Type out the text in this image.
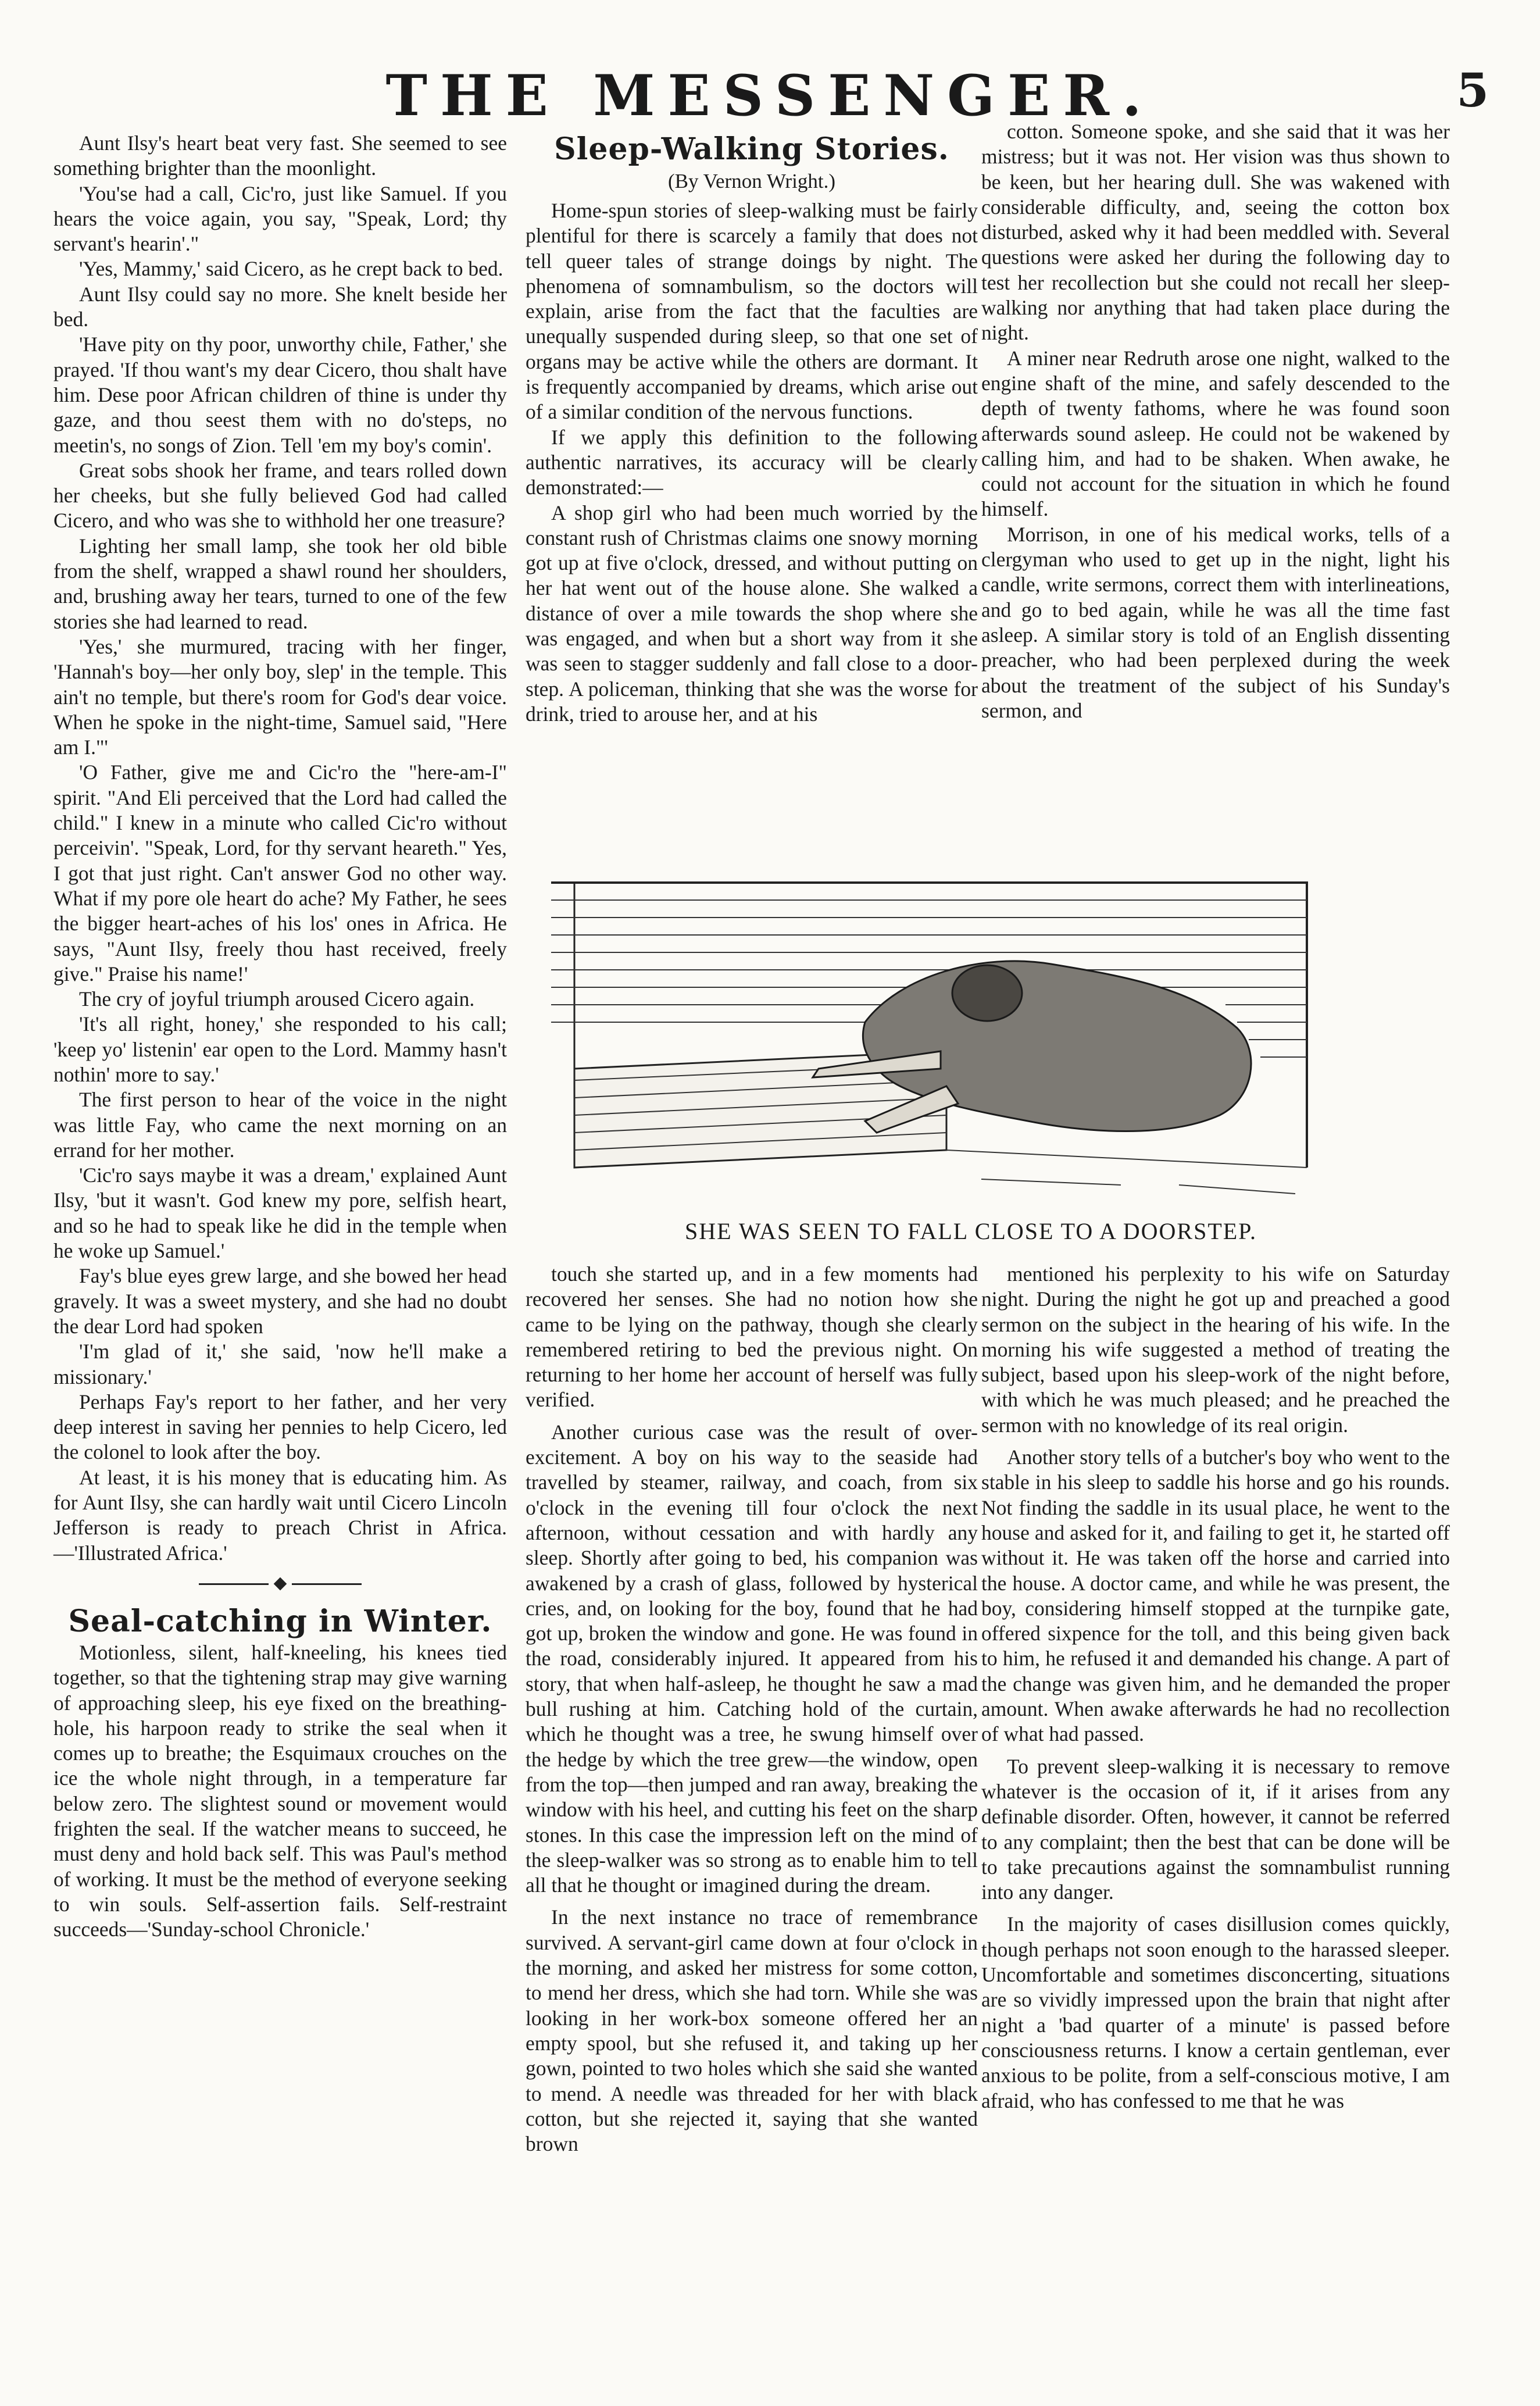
THE MESSENGER.	5

Aunt Ilsy's heart beat very fast. She seemed to see something brighter than the moonlight.

'You'se had a call, Cic'ro, just like Samuel. If you hears the voice again, you say, "Speak, Lord; thy servant's hearin'."

'Yes, Mammy,' said Cicero, as he crept back to bed.

Aunt Ilsy could say no more. She knelt beside her bed.

'Have pity on thy poor, unworthy chile, Father,' she prayed. 'If thou want's my dear Cicero, thou shalt have him. Dese poor African children of thine is under thy gaze, and thou seest them with no do'steps, no meetin's, no songs of Zion. Tell 'em my boy's comin'.

Great sobs shook her frame, and tears rolled down her cheeks, but she fully believed God had called Cicero, and who was she to withhold her one treasure?

Lighting her small lamp, she took her old bible from the shelf, wrapped a shawl round her shoulders, and, brushing away her tears, turned to one of the few stories she had learned to read.

'Yes,' she murmured, tracing with her finger, 'Hannah's boy—her only boy, slep' in the temple. This ain't no temple, but there's room for God's dear voice. When he spoke in the night-time, Samuel said, "Here am I."'

'O Father, give me and Cic'ro the "here-am-I" spirit. "And Eli perceived that the Lord had called the child." I knew in a minute who called Cic'ro without perceivin'. "Speak, Lord, for thy servant heareth." Yes, I got that just right. Can't answer God no other way. What if my pore ole heart do ache? My Father, he sees the bigger heart-aches of his los' ones in Africa. He says, "Aunt Ilsy, freely thou hast received, freely give." Praise his name!'

The cry of joyful triumph aroused Cicero again.

'It's all right, honey,' she responded to his call; 'keep yo' listenin' ear open to the Lord. Mammy hasn't nothin' more to say.'

The first person to hear of the voice in the night was little Fay, who came the next morning on an errand for her mother.

'Cic'ro says maybe it was a dream,' explained Aunt Ilsy, 'but it wasn't. God knew my pore, selfish heart, and so he had to speak like he did in the temple when he woke up Samuel.'

Fay's blue eyes grew large, and she bowed her head gravely. It was a sweet mystery, and she had no doubt the dear Lord had spoken

'I'm glad of it,' she said, 'now he'll make a missionary.'

Perhaps Fay's report to her father, and her very deep interest in saving her pennies to help Cicero, led the colonel to look after the boy.

At least, it is his money that is educating him. As for Aunt Ilsy, she can hardly wait until Cicero Lincoln Jefferson is ready to preach Christ in Africa.—'Illustrated Africa.'

Seal-catching in Winter.

Motionless, silent, half-kneeling, his knees tied together, so that the tightening strap may give warning of approaching sleep, his eye fixed on the breathing-hole, his harpoon ready to strike the seal when it comes up to breathe; the Esquimaux crouches on the ice the whole night through, in a temperature far below zero. The slightest sound or movement would frighten the seal. If the watcher means to succeed, he must deny and hold back self. This was Paul's method of working. It must be the method of everyone seeking to win souls. Self-assertion fails. Self-restraint succeeds—'Sunday-school Chronicle.'

Sleep-Walking Stories.
(By Vernon Wright.)

Home-spun stories of sleep-walking must be fairly plentiful for there is scarcely a family that does not tell queer tales of strange doings by night. The phenomena of somnambulism, so the doctors will explain, arise from the fact that the faculties are unequally suspended during sleep, so that one set of organs may be active while the others are dormant. It is frequently accompanied by dreams, which arise out of a similar condition of the nervous functions.

If we apply this definition to the following authentic narratives, its accuracy will be clearly demonstrated:—

A shop girl who had been much worried by the constant rush of Christmas claims one snowy morning got up at five o'clock, dressed, and without putting on her hat went out of the house alone. She walked a distance of over a mile towards the shop where she was engaged, and when but a short way from it she was seen to stagger suddenly and fall close to a door-step. A policeman, thinking that she was the worse for drink, tried to arouse her, and at his

cotton. Someone spoke, and she said that it was her mistress; but it was not. Her vision was thus shown to be keen, but her hearing dull. She was wakened with considerable difficulty, and, seeing the cotton box disturbed, asked why it had been meddled with. Several questions were asked her during the following day to test her recollection but she could not recall her sleep-walking nor anything that had taken place during the night.

A miner near Redruth arose one night, walked to the engine shaft of the mine, and safely descended to the depth of twenty fathoms, where he was found soon afterwards sound asleep. He could not be wakened by calling him, and had to be shaken. When awake, he could not account for the situation in which he found himself.

Morrison, in one of his medical works, tells of a clergyman who used to get up in the night, light his candle, write sermons, correct them with interlineations, and go to bed again, while he was all the time fast asleep. A similar story is told of an English dissenting preacher, who had been perplexed during the week about the treatment of the subject of his Sunday's sermon, and

SHE WAS SEEN TO FALL CLOSE TO A DOORSTEP.

touch she started up, and in a few moments had recovered her senses. She had no notion how she came to be lying on the pathway, though she clearly remembered retiring to bed the previous night. On returning to her home her account of herself was fully verified.

Another curious case was the result of over-excitement. A boy on his way to the seaside had travelled by steamer, railway, and coach, from six o'clock in the evening till four o'clock the next afternoon, without cessation and with hardly any sleep. Shortly after going to bed, his companion was awakened by a crash of glass, followed by hysterical cries, and, on looking for the boy, found that he had got up, broken the window and gone. He was found in the road, considerably injured. It appeared from his story, that when half-asleep, he thought he saw a mad bull rushing at him. Catching hold of the curtain, which he thought was a tree, he swung himself over the hedge by which the tree grew—the window, open from the top—then jumped and ran away, breaking the window with his heel, and cutting his feet on the sharp stones. In this case the impression left on the mind of the sleep-walker was so strong as to enable him to tell all that he thought or imagined during the dream.

In the next instance no trace of remembrance survived. A servant-girl came down at four o'clock in the morning, and asked her mistress for some cotton, to mend her dress, which she had torn. While she was looking in her work-box someone offered her an empty spool, but she refused it, and taking up her gown, pointed to two holes which she said she wanted to mend. A needle was threaded for her with black cotton, but she rejected it, saying that she wanted brown

mentioned his perplexity to his wife on Saturday night. During the night he got up and preached a good sermon on the subject in the hearing of his wife. In the morning his wife suggested a method of treating the subject, based upon his sleep-work of the night before, with which he was much pleased; and he preached the sermon with no knowledge of its real origin.

Another story tells of a butcher's boy who went to the stable in his sleep to saddle his horse and go his rounds. Not finding the saddle in its usual place, he went to the house and asked for it, and failing to get it, he started off without it. He was taken off the horse and carried into the house. A doctor came, and while he was present, the boy, considering himself stopped at the turnpike gate, offered sixpence for the toll, and this being given back to him, he refused it and demanded his change. A part of the change was given him, and he demanded the proper amount. When awake afterwards he had no recollection of what had passed.

To prevent sleep-walking it is necessary to remove whatever is the occasion of it, if it arises from any definable disorder. Often, however, it cannot be referred to any complaint; then the best that can be done will be to take precautions against the somnambulist running into any danger.

In the majority of cases disillusion comes quickly, though perhaps not soon enough to the harassed sleeper. Uncomfortable and sometimes disconcerting, situations are so vividly impressed upon the brain that night after night a 'bad quarter of a minute' is passed before consciousness returns. I know a certain gentleman, ever anxious to be polite, from a self-conscious motive, I am afraid, who has confessed to me that he was
